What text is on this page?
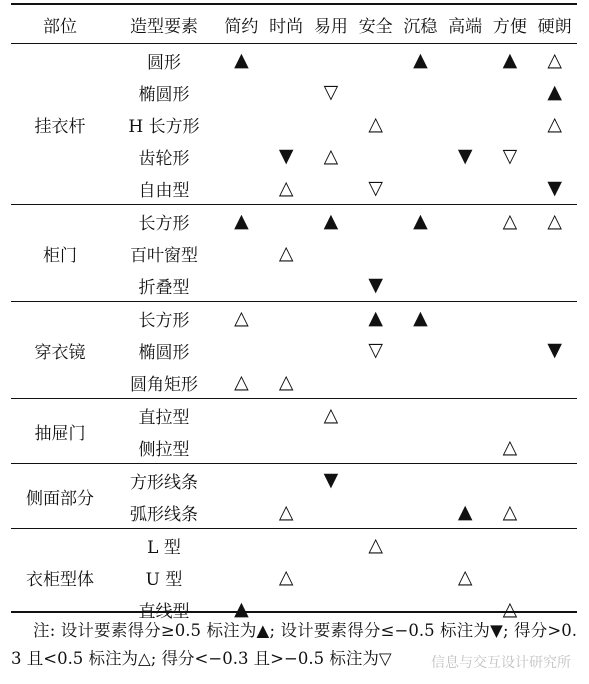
部位	造型要素	简约	时尚	易用	安全	沉稳	高端	方便	硬朗
挂衣杆	圆形	▲				▲		▲	△
	椭圆形			▽					▲
	H 长方形				△				△
	齿轮形		▼	△			▼	▽	
	自由型		△		▽				▼
柜门	长方形	▲		▲		▲		△	△
	百叶窗型		△						
	折叠型				▼				
穿衣镜	长方形	△			▲	▲			
	椭圆形				▽				▼
	圆角矩形	△	△						
抽屉门	直拉型			△					
	侧拉型							△	
侧面部分	方形线条			▼					
	弧形线条		△				▲	△	
衣柜型体	L 型				△				
	U 型		△				△		
	直线型	▲						△	
注: 设计要素得分≥0.5 标注为▲; 设计要素得分≤−0.5 标注为▼; 得分>0.3 且<0.5 标注为△; 得分<−0.3 且>−0.5 标注为▽	信息与交互设计研究所
